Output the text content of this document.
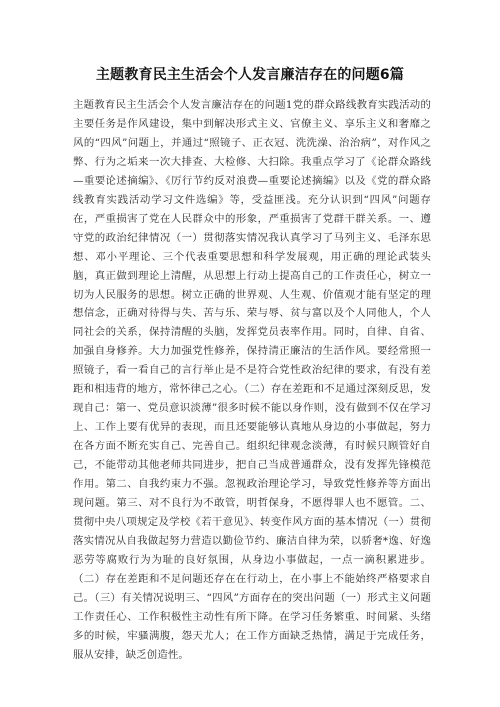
主题教育民主生活会个人发言廉洁存在的问题6篇

主题教育民主生活会个人发言廉洁存在的问题1党的群众路线教育实践活动的主要任务是作风建设，集中到解决形式主义、官僚主义、享乐主义和奢靡之风的“四风”问题上，并通过“照镜子、正衣冠、洗洗澡、治治病”，对作风之弊、行为之垢来一次大排查、大检修、大扫除。我重点学习了《论群众路线—重要论述摘编》、《厉行节约反对浪费—重要论述摘编》以及《党的群众路线教育实践活动学习文件选编》等，受益匪浅。充分认识到“四风”问题存在，严重损害了党在人民群众中的形象，严重损害了党群干群关系。一、遵守党的政治纪律情况（一）贯彻落实情况我认真学习了马列主义、毛泽东思想、邓小平理论、三个代表重要思想和科学发展观，用正确的理论武装头脑，真正做到理论上清醒，从思想上行动上提高自己的工作责任心，树立一切为人民服务的思想。树立正确的世界观、人生观、价值观才能有坚定的理想信念，正确对待得与失、苦与乐、荣与辱、贫与富以及个人同他人，个人同社会的关系，保持清醒的头脑，发挥党员表率作用。同时，自律、自省、加强自身修养。大力加强党性修养，保持清正廉洁的生活作风。要经常照一照镜子，看一看自己的言行举止是不是符合党性政治纪律的要求，有没有差距和相违背的地方，常怀律己之心。（二）存在差距和不足通过深刻反思，发现自己：第一、党员意识淡薄”很多时候不能以身作则，没有做到不仅在学习上、工作上要有优异的表现，而且还要能够认真地从身边的小事做起，努力在各方面不断充实自己、完善自己。组织纪律观念淡薄，有时候只顾管好自己，不能带动其他老师共同进步，把自己当成普通群众，没有发挥先锋模范作用。第二、自我约束力不强。忽视政治理论学习，导致党性修养等方面出现问题。第三、对不良行为不敢管，明哲保身，不愿得罪人也不愿管。二、贯彻中央八项规定及学校《若干意见》、转变作风方面的基本情况（一）贯彻落实情况从自我做起努力营造以勤俭节约、廉洁自律为荣，以骄奢*逸、好逸恶劳等腐败行为为耻的良好氛围，从身边小事做起，一点一滴积累进步。（二）存在差距和不足问题还存在在行动上，在小事上不能始终严格要求自己。（三）有关情况说明三、“四风”方面存在的突出问题（一）形式主义问题工作责任心、工作积极性主动性有所下降。在学习任务繁重、时间紧、头绪多的时候，牢骚满腹，怨天尤人；在工作方面缺乏热情，满足于完成任务，服从安排，缺乏创造性。
